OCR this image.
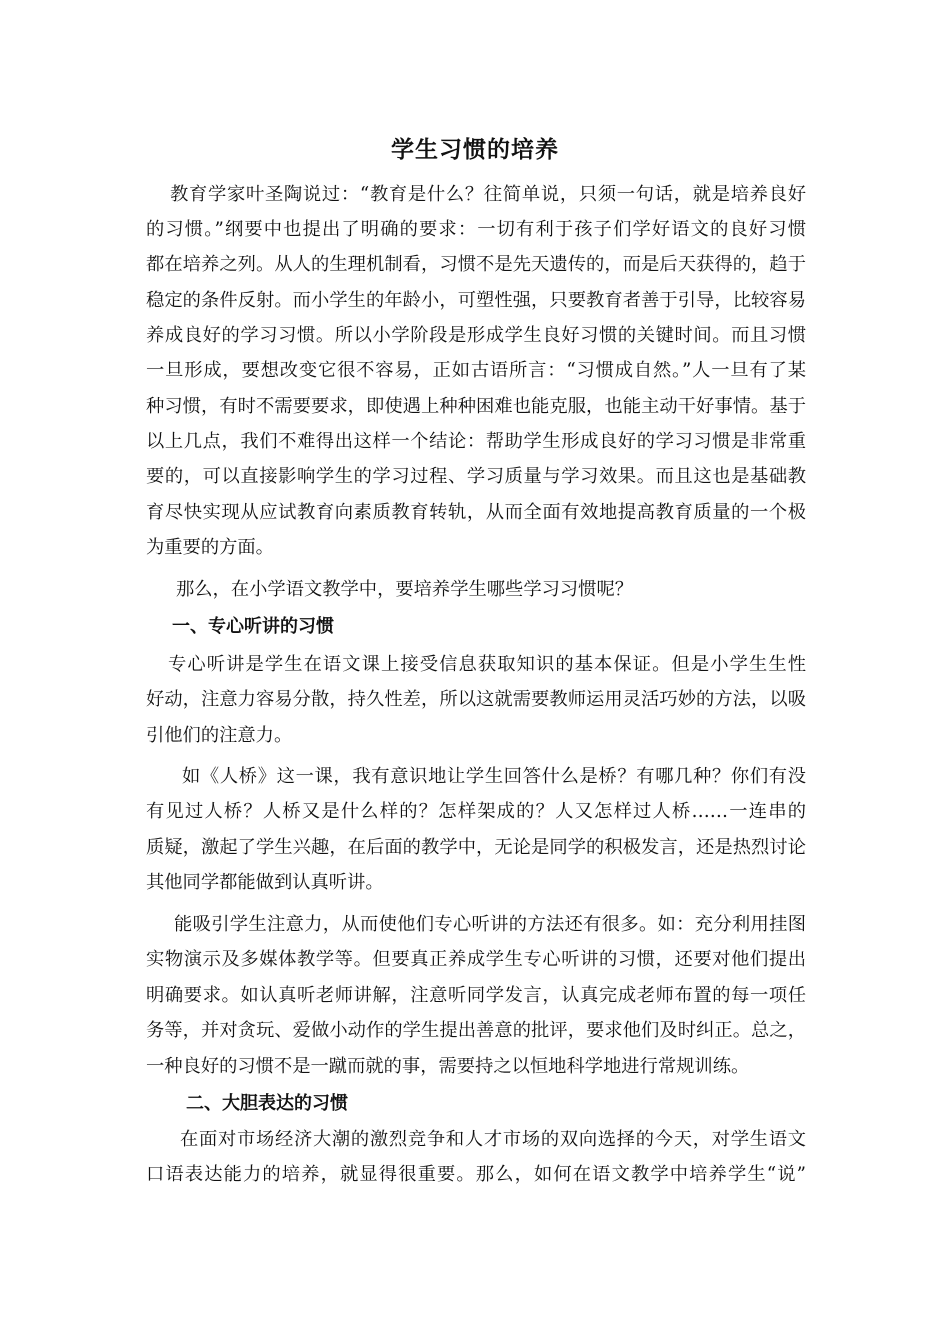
学生习惯的培养
教育学家叶圣陶说过：“教育是什么？往简单说，只须一句话，就是培养良好
的习惯。”纲要中也提出了明确的要求：一切有利于孩子们学好语文的良好习惯
都在培养之列。从人的生理机制看，习惯不是先天遗传的，而是后天获得的，趋于
稳定的条件反射。而小学生的年龄小，可塑性强，只要教育者善于引导，比较容易
养成良好的学习习惯。所以小学阶段是形成学生良好习惯的关键时间。而且习惯
一旦形成，要想改变它很不容易，正如古语所言：“习惯成自然。”人一旦有了某
种习惯，有时不需要要求，即使遇上种种困难也能克服，也能主动干好事情。基于
以上几点，我们不难得出这样一个结论：帮助学生形成良好的学习习惯是非常重
要的，可以直接影响学生的学习过程、学习质量与学习效果。而且这也是基础教
育尽快实现从应试教育向素质教育转轨，从而全面有效地提高教育质量的一个极
为重要的方面。
那么，在小学语文教学中，要培养学生哪些学习习惯呢？
一、专心听讲的习惯
专心听讲是学生在语文课上接受信息获取知识的基本保证。但是小学生生性
好动，注意力容易分散，持久性差，所以这就需要教师运用灵活巧妙的方法，以吸
引他们的注意力。
如《人桥》这一课，我有意识地让学生回答什么是桥？有哪几种？你们有没
有见过人桥？人桥又是什么样的？怎样架成的？人又怎样过人桥……一连串的
质疑，激起了学生兴趣，在后面的教学中，无论是同学的积极发言，还是热烈讨论
其他同学都能做到认真听讲。
能吸引学生注意力，从而使他们专心听讲的方法还有很多。如：充分利用挂图
实物演示及多媒体教学等。但要真正养成学生专心听讲的习惯，还要对他们提出
明确要求。如认真听老师讲解，注意听同学发言，认真完成老师布置的每一项任
务等，并对贪玩、爱做小动作的学生提出善意的批评，要求他们及时纠正。总之，
一种良好的习惯不是一蹴而就的事，需要持之以恒地科学地进行常规训练。
二、大胆表达的习惯
在面对市场经济大潮的激烈竞争和人才市场的双向选择的今天，对学生语文
口语表达能力的培养，就显得很重要。那么，如何在语文教学中培养学生“说”
